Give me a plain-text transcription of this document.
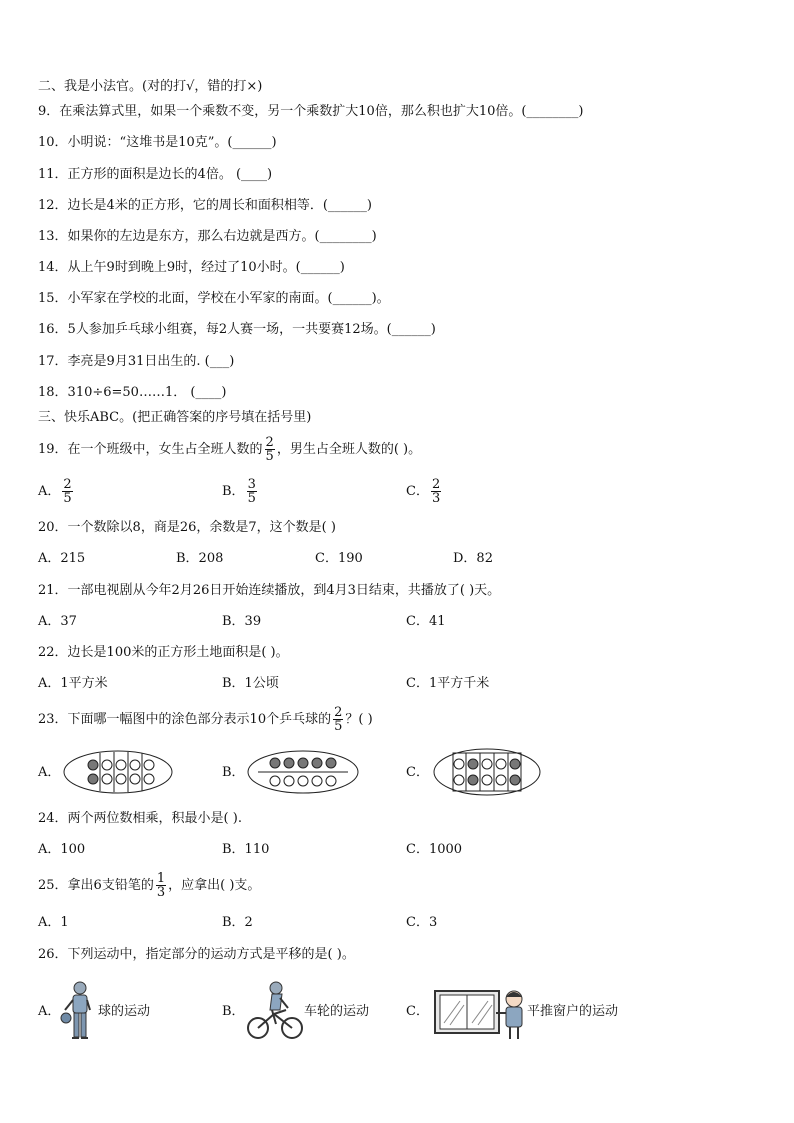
二、我是小法官。(对的打√，错的打×)
9．在乘法算式里，如果一个乘数不变，另一个乘数扩大10倍，那么积也扩大10倍。(________)
10．小明说：“这堆书是10克”。(______)
11．正方形的面积是边长的4倍。 (____)
12．边长是4米的正方形，它的周长和面积相等．(______)
13．如果你的左边是东方，那么右边就是西方。(________)
14．从上午9时到晚上9时，经过了10小时。(______)
15．小军家在学校的北面，学校在小军家的南面。(______)。
16．5人参加乒乓球小组赛，每2人赛一场，一共要赛12场。(______)
17．李亮是9月31日出生的. (___)
18．310÷6=50……1． (____)
三、快乐ABC。(把正确答案的序号填在括号里)
19．在一个班级中，女生占全班人数的 $\frac{2}{5}$ ，男生占全班人数的( )。
A． $\frac{2}{5}$	B． $\frac{3}{5}$	C． $\frac{2}{3}$
20．一个数除以8，商是26，余数是7，这个数是( )
A．215	B．208	C．190	D．82
21．一部电视剧从今年2月26日开始连续播放，到4月3日结束，共播放了( )天。
A．37	B．39	C．41
22．边长是100米的正方形土地面积是( )。
A．1平方米	B．1公顷	C．1平方千米
23．下面哪一幅图中的涂色部分表示10个乒乓球的 $\frac{2}{5}$ ？( )
A．	B．	C．
24．两个两位数相乘，积最小是( ).
A．100	B．110	C．1000
25．拿出6支铅笔的 $\frac{1}{3}$ ，应拿出( )支。
A．1	B．2	C．3
26．下列运动中，指定部分的运动方式是平移的是( )。
A．	球的运动	B．	车轮的运动	C．	平推窗户的运动
